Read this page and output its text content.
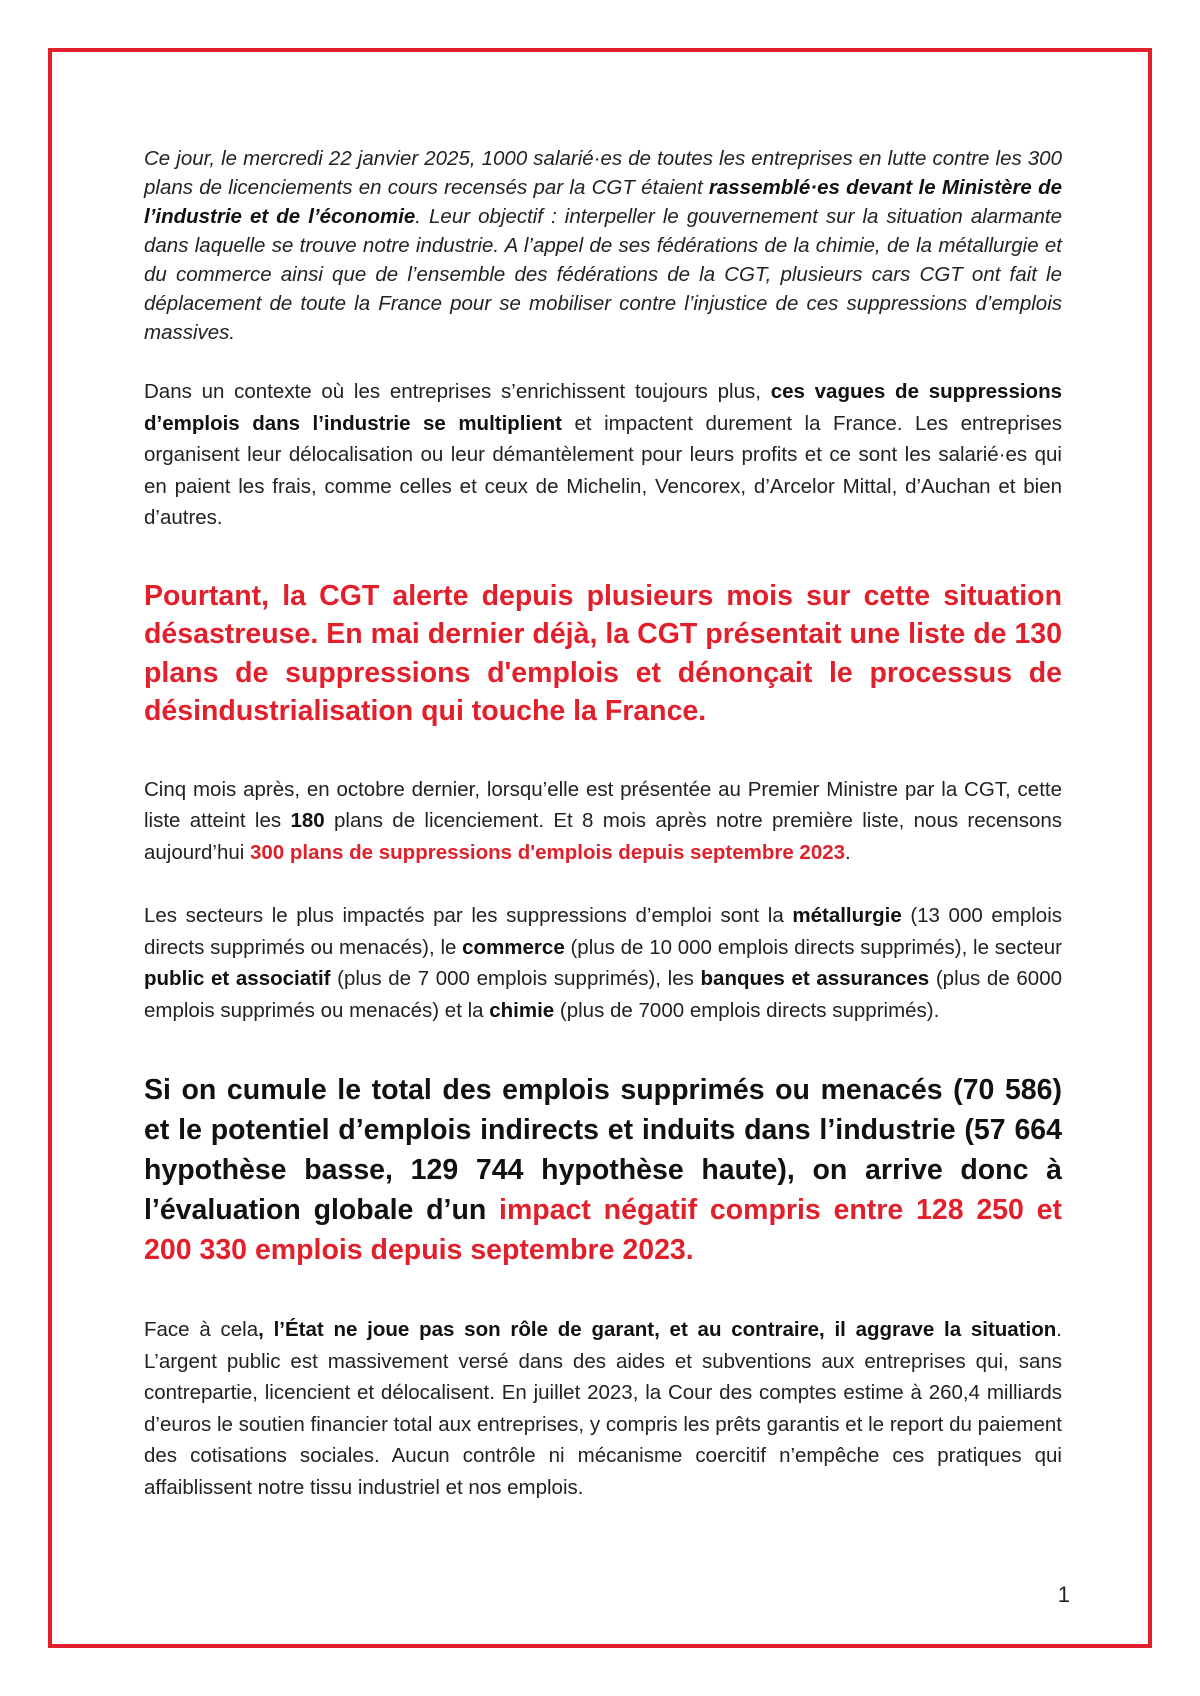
Ce jour, le mercredi 22 janvier 2025, 1000 salarié·es de toutes les entreprises en lutte contre les 300 plans de licenciements en cours recensés par la CGT étaient rassemblé·es devant le Ministère de l’industrie et de l’économie. Leur objectif : interpeller le gouvernement sur la situation alarmante dans laquelle se trouve notre industrie. A l’appel de ses fédérations de la chimie, de la métallurgie et du commerce ainsi que de l’ensemble des fédérations de la CGT, plusieurs cars CGT ont fait le déplacement de toute la France pour se mobiliser contre l’injustice de ces suppressions d’emplois massives.

Dans un contexte où les entreprises s’enrichissent toujours plus, ces vagues de suppressions d’emplois dans l’industrie se multiplient et impactent durement la France. Les entreprises organisent leur délocalisation ou leur démantèlement pour leurs profits et ce sont les salarié·es qui en paient les frais, comme celles et ceux de Michelin, Vencorex, d’Arcelor Mittal, d’Auchan et bien d’autres.

Pourtant, la CGT alerte depuis plusieurs mois sur cette situation désastreuse. En mai dernier déjà, la CGT présentait une liste de 130 plans de suppressions d'emplois et dénonçait le processus de désindustrialisation qui touche la France.

Cinq mois après, en octobre dernier, lorsqu’elle est présentée au Premier Ministre par la CGT, cette liste atteint les 180 plans de licenciement. Et 8 mois après notre première liste, nous recensons aujourd’hui 300 plans de suppressions d'emplois depuis septembre 2023.

Les secteurs le plus impactés par les suppressions d’emploi sont la métallurgie (13 000 emplois directs supprimés ou menacés), le commerce (plus de 10 000 emplois directs supprimés), le secteur public et associatif (plus de 7 000 emplois supprimés), les banques et assurances (plus de 6000 emplois supprimés ou menacés) et la chimie (plus de 7000 emplois directs supprimés).

Si on cumule le total des emplois supprimés ou menacés (70 586) et le potentiel d’emplois indirects et induits dans l’industrie (57 664 hypothèse basse, 129 744 hypothèse haute), on arrive donc à l’évaluation globale d’un impact négatif compris entre 128 250 et 200 330 emplois depuis septembre 2023.

Face à cela, l’État ne joue pas son rôle de garant, et au contraire, il aggrave la situation. L’argent public est massivement versé dans des aides et subventions aux entreprises qui, sans contrepartie, licencient et délocalisent. En juillet 2023, la Cour des comptes estime à 260,4 milliards d’euros le soutien financier total aux entreprises, y compris les prêts garantis et le report du paiement des cotisations sociales. Aucun contrôle ni mécanisme coercitif n’empêche ces pratiques qui affaiblissent notre tissu industriel et nos emplois.

1
